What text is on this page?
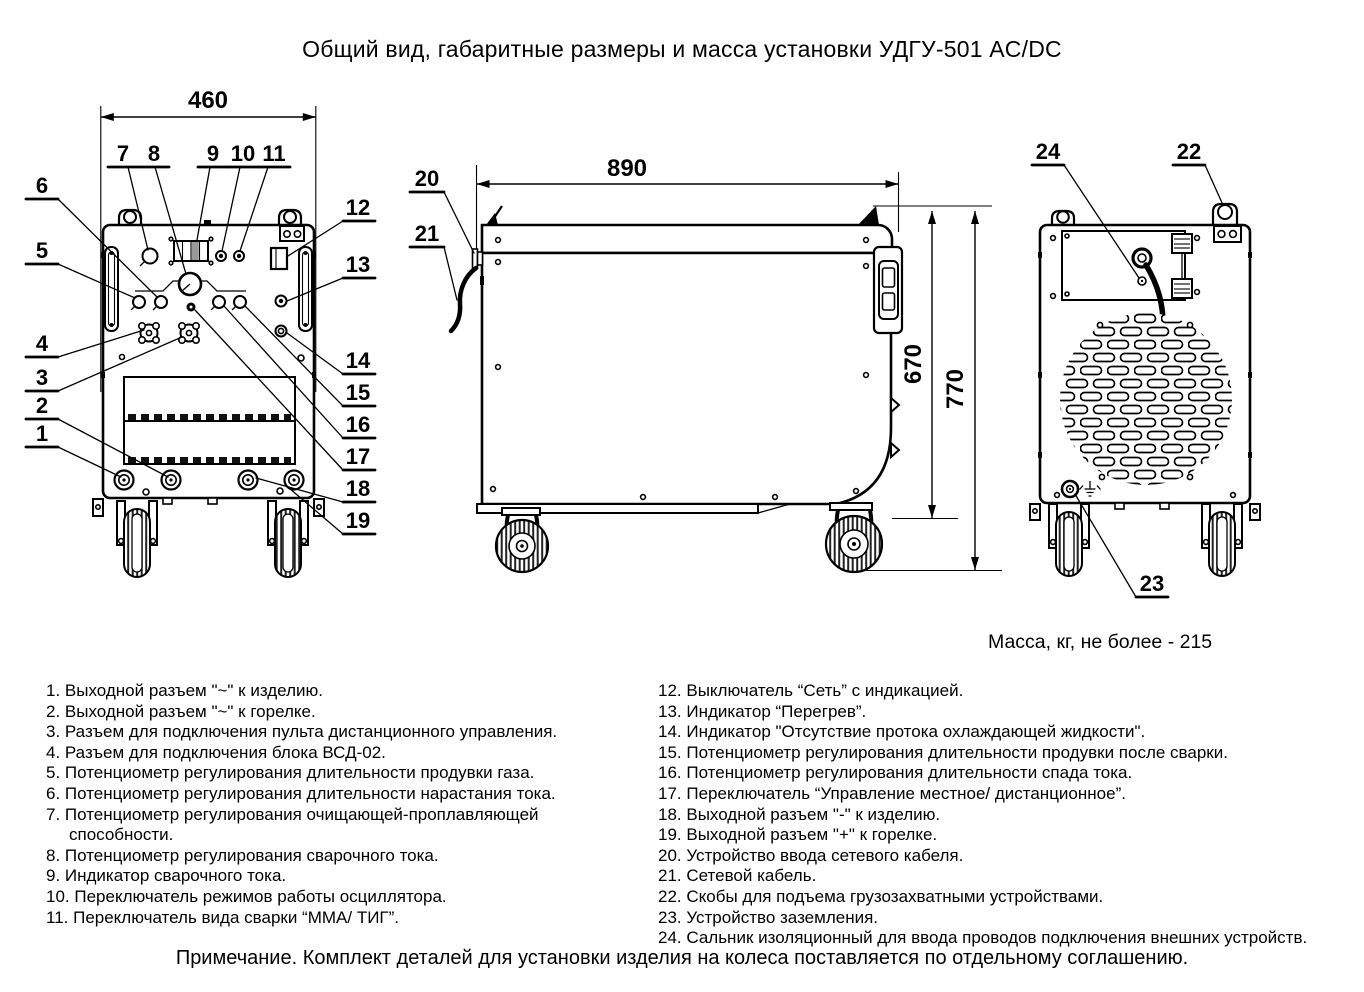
Общий вид, габаритные размеры и масса установки УДГУ-501 AC/DC
460
890
670
770
1
2
3
4
5
6
7 8 9 10 11
12
13
14
15
16
17
18
19
20
21
22
23
24
Масса, кг, не более - 215
1. Выходной разъем "~" к изделию.
2. Выходной разъем "~" к горелке.
3. Разъем для подключения пульта дистанционного управления.
4. Разъем для подключения блока ВСД-02.
5. Потенциометр регулирования длительности продувки газа.
6. Потенциометр регулирования длительности нарастания тока.
7. Потенциометр регулирования очищающей-проплавляющей способности.
8. Потенциометр регулирования сварочного тока.
9. Индикатор сварочного тока.
10. Переключатель режимов работы осциллятора.
11. Переключатель вида сварки “ММА/ ТИГ”.
12. Выключатель “Сеть” с индикацией.
13. Индикатор “Перегрев”.
14. Индикатор "Отсутствие протока охлаждающей жидкости".
15. Потенциометр регулирования длительности продувки после сварки.
16. Потенциометр регулирования длительности спада тока.
17. Переключатель “Управление местное/ дистанционное”.
18. Выходной разъем "-" к изделию.
19. Выходной разъем "+" к горелке.
20. Устройство ввода сетевого кабеля.
21. Сетевой кабель.
22. Скобы для подъема грузозахватными устройствами.
23. Устройство заземления.
24. Сальник изоляционный для ввода проводов подключения внешних устройств.
Примечание. Комплект деталей для установки изделия на колеса поставляется по отдельному соглашению.
